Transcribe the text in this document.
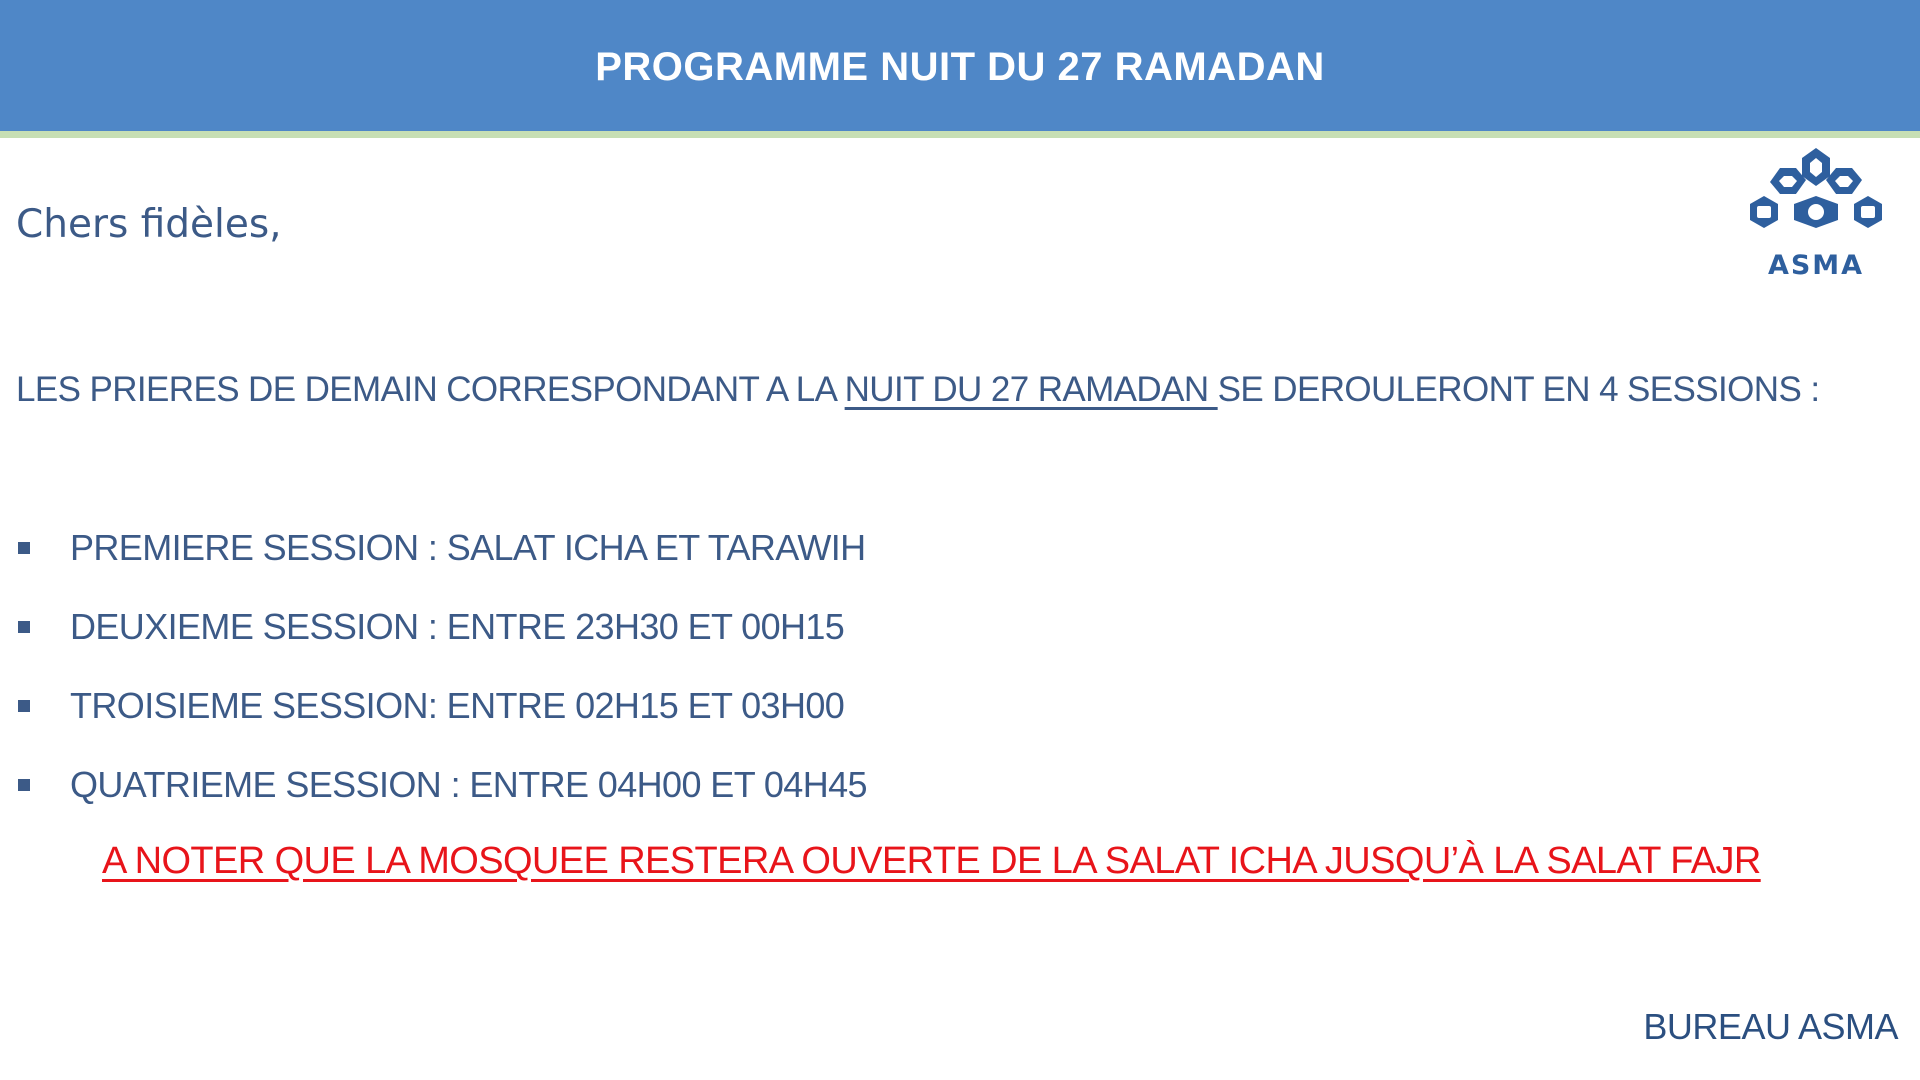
PROGRAMME NUIT DU 27 RAMADAN
ASMA
Chers fidèles,
LES PRIERES DE DEMAIN CORRESPONDANT A LA NUIT DU 27 RAMADAN SE DEROULERONT EN 4 SESSIONS :
PREMIERE SESSION : SALAT ICHA ET TARAWIH
DEUXIEME SESSION : ENTRE 23H30 ET 00H15
TROISIEME SESSION: ENTRE 02H15 ET 03H00
QUATRIEME SESSION : ENTRE 04H00 ET 04H45
A NOTER QUE LA MOSQUEE RESTERA OUVERTE DE LA SALAT ICHA JUSQU’À LA SALAT FAJR
BUREAU ASMA
